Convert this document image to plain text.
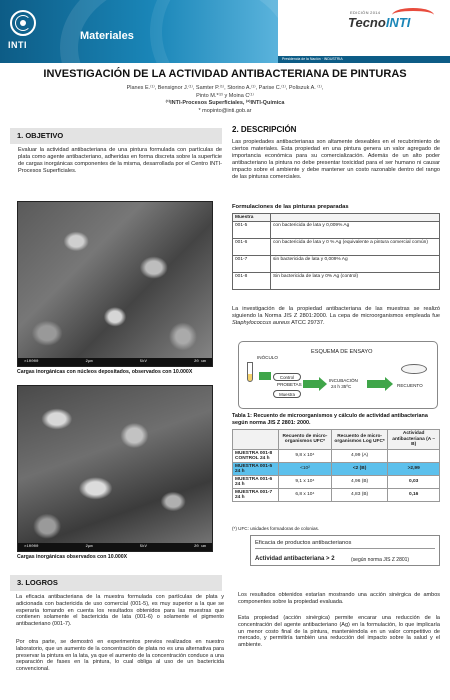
INTI
Materiales
EDICIÓN 2014
TecnoINTI
Presidencia de la Nación · INDUSTRIA
INVESTIGACIÓN DE LA ACTIVIDAD ANTIBACTERIANA DE PINTURAS
Planes E.⁽¹⁾, Bensignor J.⁽¹⁾, Samter P.⁽¹⁾, Storino A.⁽¹⁾, Parise C.⁽¹⁾, Poliszuk A. ⁽¹⁾,
Pinto M.*⁽²⁾ y Moina C⁽¹⁾
⁽¹⁾INTI-Procesos Superficiales, ⁽²⁾INTI-Química
* mopinto@inti.gob.ar
1. OBJETIVO
Evaluar la actividad antibacteriana de una pintura formulada con partículas de plata como agente antibacteriano, adheridas en forma discreta sobre la superficie de cargas inorgánicas componentes de la misma, desarrollada por el Centro INTI-Procesos Superficiales.
×10000	2μm	5kV	20 um
Cargas inorgánicas con núcleos depositados, observados con 10.000X
×10000	2μm	5kV	20 um
Cargas inorgánicas observados con 10.000X
2. DESCRIPCIÓN
Las propiedades antibacterianas son altamente deseables en el recubrimiento de ciertos materiales. Esta propiedad en una pintura genera un valor agregado de importancia económica para su comercialización. Además de un alto poder antibacteriano la pintura no debe presentar toxicidad para el ser humano ni causar impacto sobre el ambiente y debe mantener un costo razonable dentro del rango de las pinturas comerciales.
Formulaciones de las pinturas preparadas
Muestra	
001-5	con bactericida de lata y 0,009% Ag
001-6	con bactericida de lata y 0 % Ag (equivalente a pintura comercial común)
001-7	sin bactericida de lata y 0,009% Ag
001-8	Sin bactericida de lata y 0% Ag (control)
La investigación de la propiedad antibacteriana de las muestras se realizó siguiendo la Norma JIS Z 2801:2000. La cepa de microorganismos empleada fue Staphylococcus aureus ATCC 29737.
ESQUEMA DE ENSAYO
INÓCULO
Control
PROBETAS
Muestra
INCUBACIÓN
24 h 35ºC	RECUENTO
Tabla 1: Recuento de microorganismos y cálculo de actividad antibacteriana según norma JIS Z 2801: 2000.
	Recuento de micro-organismos UFC*	Recuento de micro-organismos Log UFC*	Actividad antibacteriana (A – B)
MUESTRA 001-8 CONTROL 24 h	9,8 x 10⁴	4,99 (A)	
MUESTRA 001-5 24 h	<10²	<2 (B)	>2,99
MUESTRA 001-6 24 h	9,1 x 10⁴	4,96 (B)	0,03
MUESTRA 001-7 24 h	6,8 x 10⁴	4,83 (B)	0,16
(*) UFC: unidades formadoras de colonias.
Eficacia de productos antibacterianos
Actividad antibacteriana > 2	(según norma JIS Z 2801)
3. LOGROS
La eficacia antibacteriana de la muestra formulada con partículas de plata y adicionada con bactericida de uso comercial (001-5), es muy superior a la que se esperaría tomando en cuenta los resultados obtenidos para las muestras que contienen solamente el bactericida de lata (001-6) o solamente el pigmento antibacteriano (001-7).
Por otra parte, se demostró en experimentos previos realizados en nuestro laboratorio, que un aumento de la concentración de plata no es una alternativa para preservar la pintura en la lata, ya que el aumento de la concentración conduce a una separación de fases en la pintura, lo cual obliga al uso de un bactericida convencional.
Los resultados obtenidos estarían mostrando una acción sinérgica de ambos componentes sobre la propiedad evaluada.
Esta propiedad (acción sinérgica) permite encarar una reducción de la concentración del agente antibacteriano (Ag) en la formulación, lo que implicaría un menor costo final de la pintura, manteniéndola en un valor competitivo de mercado, y permitiría también una reducción del impacto sobre la salud y el ambiente.
